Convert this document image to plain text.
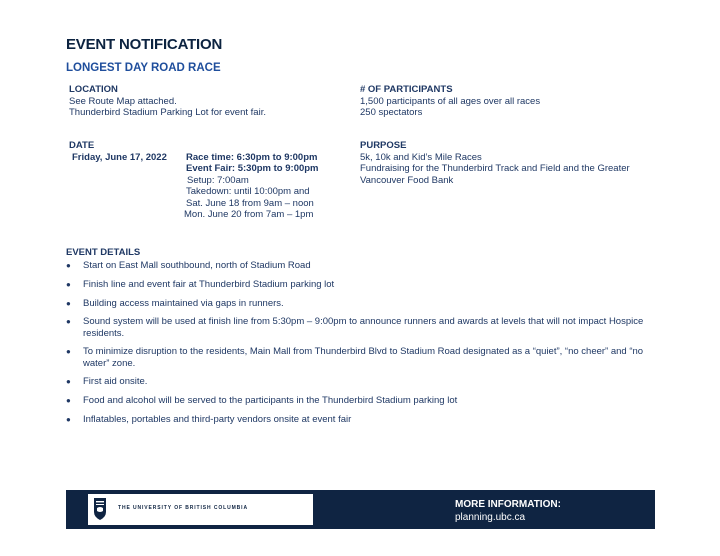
EVENT NOTIFICATION
LONGEST DAY ROAD RACE
LOCATION
See Route Map attached.
Thunderbird Stadium Parking Lot for event fair.
# OF PARTICIPANTS
1,500 participants of all ages over all races
250 spectators
DATE
Friday, June 17, 2022 Race time: 6:30pm to 9:00pm
Event Fair: 5:30pm to 9:00pm
Setup: 7:00am
Takedown: until 10:00pm and
Sat. June 18 from 9am – noon
Mon. June 20 from 7am – 1pm
PURPOSE
5k, 10k and Kid’s Mile Races
Fundraising for the Thunderbird Track and Field and the Greater
Vancouver Food Bank
EVENT DETAILS
● Start on East Mall southbound, north of Stadium Road
● Finish line and event fair at Thunderbird Stadium parking lot
● Building access maintained via gaps in runners.
● Sound system will be used at finish line from 5:30pm – 9:00pm to announce runners and awards at levels that will not impact Hospice residents.
● To minimize disruption to the residents, Main Mall from Thunderbird Blvd to Stadium Road designated as a “quiet”, “no cheer” and “no water” zone.
● First aid onsite.
● Food and alcohol will be served to the participants in the Thunderbird Stadium parking lot
● Inflatables, portables and third-party vendors onsite at event fair
THE UNIVERSITY OF BRITISH COLUMBIA	MORE INFORMATION:
planning.ubc.ca
